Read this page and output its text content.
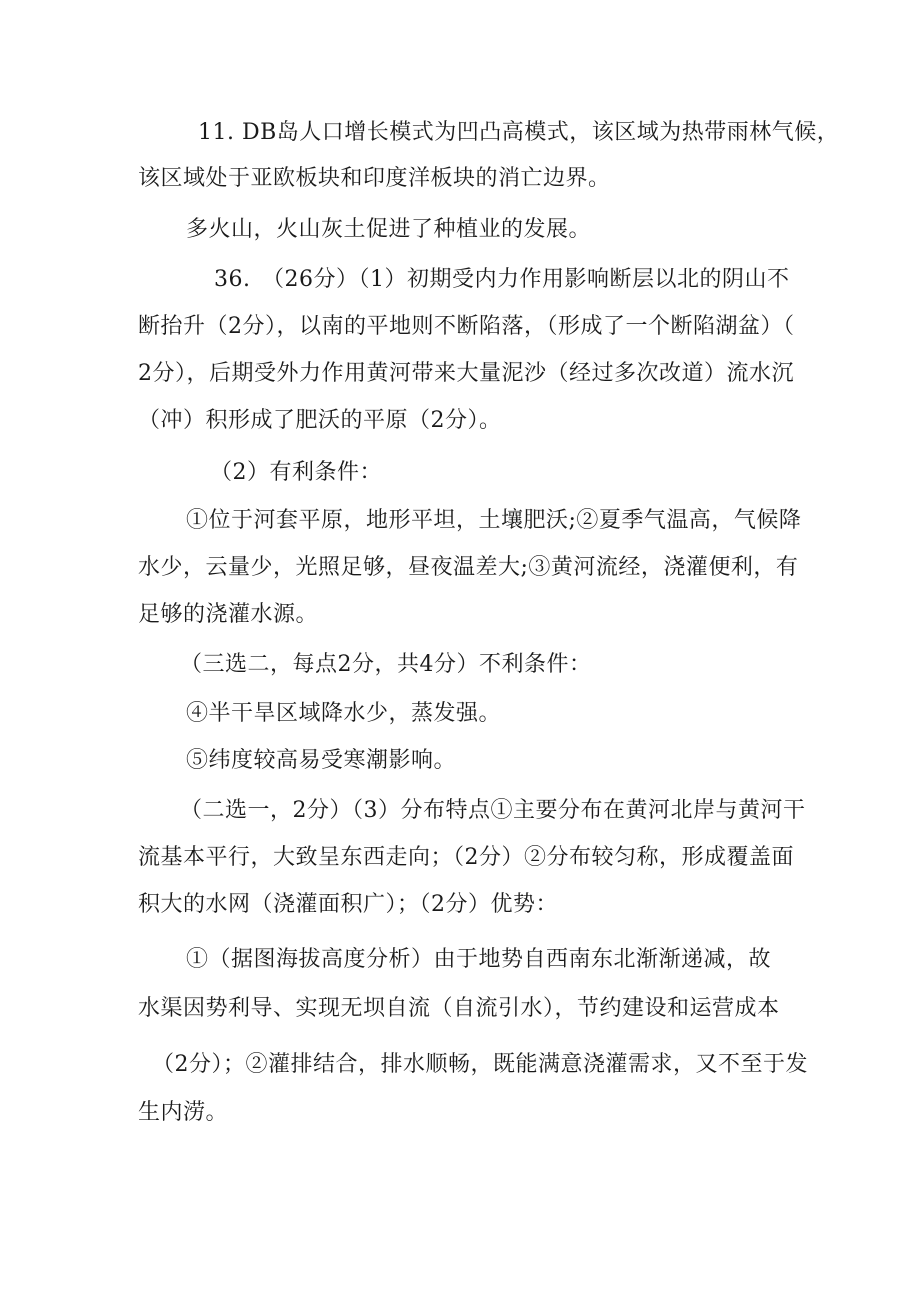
11. DB岛人口增长模式为凹凸高模式，该区域为热带雨林气候，
该区域处于亚欧板块和印度洋板块的消亡边界。
多火山，火山灰土促进了种植业的发展。
36.　（26分）（1）初期受内力作用影响断层以北的阴山不
断抬升（2分），以南的平地则不断陷落，（形成了一个断陷湖盆）（
2分），后期受外力作用黄河带来大量泥沙（经过多次改道）流水沉
（冲）积形成了肥沃的平原（2分）。
（2）有利条件：
①位于河套平原，地形平坦，土壤肥沃;②夏季气温高，气候降
水少，云量少，光照足够，昼夜温差大;③黄河流经，浇灌便利，有
足够的浇灌水源。
（三选二，每点2分，共4分）不利条件：
④半干旱区域降水少，蒸发强。
⑤纬度较高易受寒潮影响。
（二选一，2分）（3）分布特点①主要分布在黄河北岸与黄河干
流基本平行，大致呈东西走向；（2分）②分布较匀称，形成覆盖面
积大的水网（浇灌面积广）；（2分）优势：
①（据图海拔高度分析）由于地势自西南东北渐渐递减，故
水渠因势利导、实现无坝自流（自流引水），节约建设和运营成本
（2分）；②灌排结合，排水顺畅，既能满意浇灌需求，又不至于发
生内涝。
